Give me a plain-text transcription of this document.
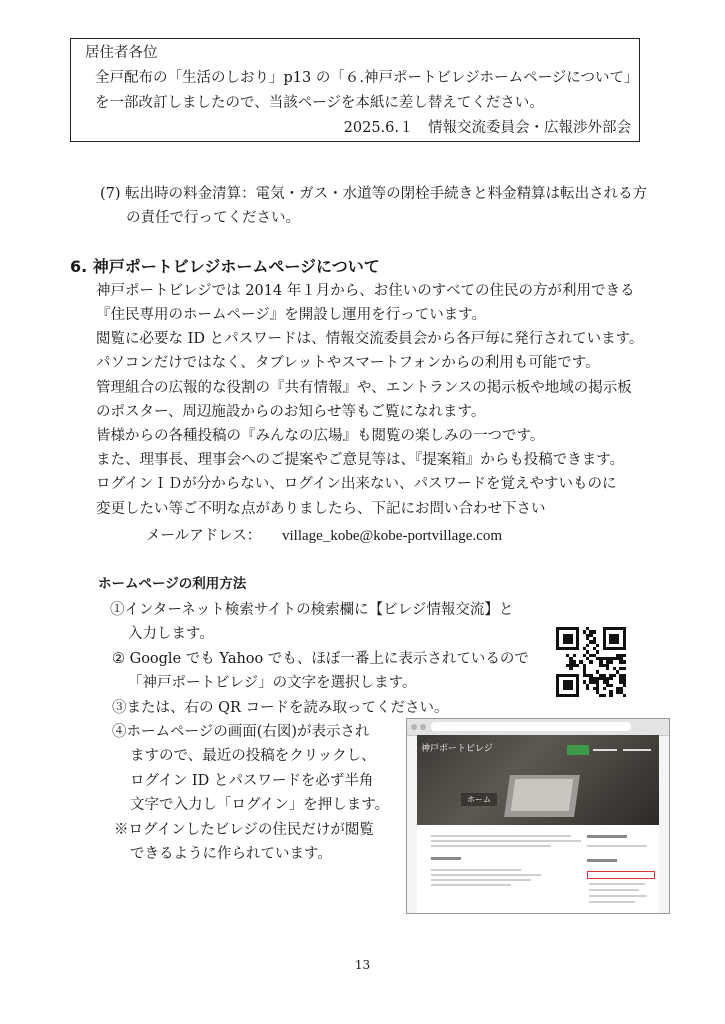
居住者各位
全戸配布の「生活のしおり」p13 の「６.神戸ポートビレジホームページについて」
を一部改訂しましたので、当該ページを本紙に差し替えてください。
2025.6.１　情報交流委員会・広報渉外部会
(7) 転出時の料金清算：電気・ガス・水道等の閉栓手続きと料金精算は転出される方
の責任で行ってください。
6. 神戸ポートビレジホームページについて
神戸ポートビレジでは 2014 年１月から、お住いのすべての住民の方が利用できる
『住民専用のホームページ』を開設し運用を行っています。
閲覧に必要な ID とパスワードは、情報交流委員会から各戸毎に発行されています。
パソコンだけではなく、タブレットやスマートフォンからの利用も可能です。
管理組合の広報的な役割の『共有情報』や、エントランスの掲示板や地域の掲示板
のポスター、周辺施設からのお知らせ等もご覧になれます。
皆様からの各種投稿の『みんなの広場』も閲覧の楽しみの一つです。
また、理事長、理事会へのご提案やご意見等は、『提案箱』からも投稿できます。
ログインＩＤが分からない、ログイン出来ない、パスワードを覚えやすいものに
変更したい等ご不明な点がありましたら、下記にお問い合わせ下さい
メールアドレス： village_kobe@kobe-portvillage.com
ホームページの利用方法
①インターネット検索サイトの検索欄に【ビレジ情報交流】と
入力します。
② Google でも Yahoo でも、ほぼ一番上に表示されているので
「神戸ポートビレジ」の文字を選択します。
③または、右の QR コードを読み取ってください。
④ホームページの画面(右図)が表示され
ますので、最近の投稿をクリックし、
ログイン ID とパスワードを必ず半角
文字で入力し「ログイン」を押します。
※ログインしたビレジの住民だけが閲覧
できるように作られています。
神戸ポートビレジ
ホーム
13
